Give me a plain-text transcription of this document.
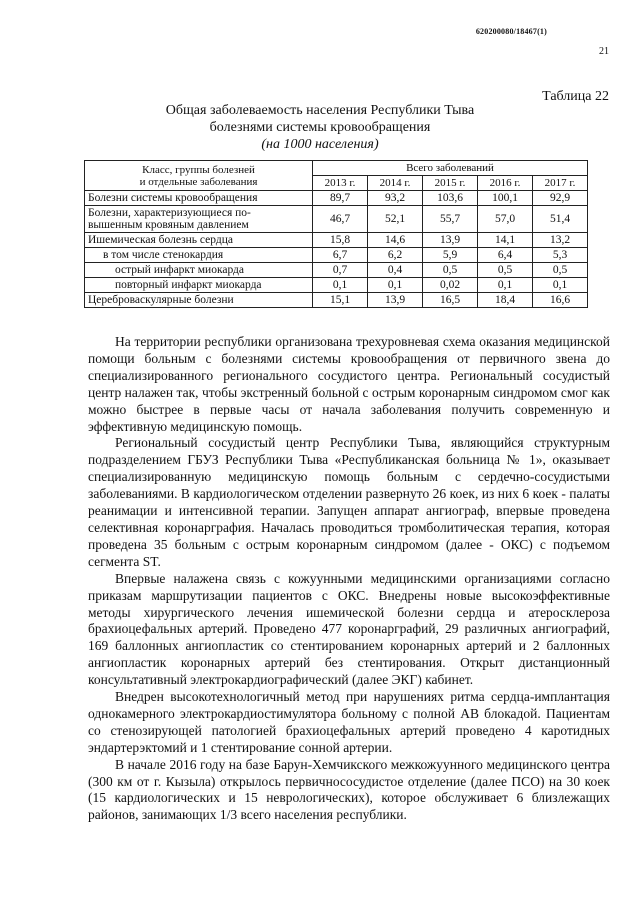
620200080/18467(1)
21
Таблица 22
Общая заболеваемость населения Республики Тыва
болезнями системы кровообращения
(на 1000 населения)
Класс, группы болезней
и отдельные заболевания	Всего заболеваний				
	2013 г.	2014 г.	2015 г.	2016 г.	2017 г.
Болезни системы кровообращения	89,7	93,2	103,6	100,1	92,9

Болезни, характеризующиеся по-
вышенным кровяным давлением	46,7	52,1	55,7	57,0	51,4
Ишемическая болезнь сердца	15,8	14,6	13,9	14,1	13,2
в том числе стенокардия	6,7	6,2	5,9	6,4	5,3
острый инфаркт миокарда	0,7	0,4	0,5	0,5	0,5
повторный инфаркт миокарда	0,1	0,1	0,02	0,1	0,1
Цереброваскулярные болезни	15,1	13,9	16,5	18,4	16,6

На территории республики организована трехуровневая схема оказания медицинской помощи больным с болезнями системы кровообращения от первичного звена до специализированного регионального сосудистого центра. Региональный сосудистый центр налажен так, чтобы экстренный больной с острым коронарным синдромом смог как можно быстрее в первые часы от начала заболевания получить современную и эффективную медицинскую помощь.

Региональный сосудистый центр Республики Тыва, являющийся структурным подразделением ГБУЗ Республики Тыва «Республиканская больница № 1», оказывает специализированную медицинскую помощь больным с сердечно-сосудистыми заболеваниями. В кардиологическом отделении развернуто 26 коек, из них 6 коек - палаты реанимации и интенсивной терапии. Запущен аппарат ангиограф, впервые проведена селективная коронарграфия. Началась проводиться тромболитическая терапия, которая проведена 35 больным с острым коронарным синдромом (далее - ОКС) с подъемом сегмента ST.

Впервые налажена связь с кожуунными медицинскими организациями согласно приказам маршрутизации пациентов с ОКС. Внедрены новые высокоэффективные методы хирургического лечения ишемической болезни сердца и атеросклероза брахиоцефальных артерий. Проведено 477 коронарграфий, 29 различных ангиографий, 169 баллонных ангиопластик со стентированием коронарных артерий и 2 баллонных ангиопластик коронарных артерий без стентирования. Открыт дистанционный консультативный электрокардиографический (далее ЭКГ) кабинет.

Внедрен высокотехнологичный метод при нарушениях ритма сердца-имплантация однокамерного электрокардиостимулятора больному с полной АВ блокадой. Пациентам со стенозирующей патологией брахиоцефальных артерий проведено 4 каротидных эндартерэктомий и 1 стентирование сонной артерии.

В начале 2016 году на базе Барун-Хемчикского межкожуунного медицинского центра (300 км от г. Кызыла) открылось первичнососудистое отделение (далее ПСО) на 30 коек (15 кардиологических и 15 неврологических), которое обслуживает 6 близлежащих районов, занимающих 1/3 всего населения республики.
